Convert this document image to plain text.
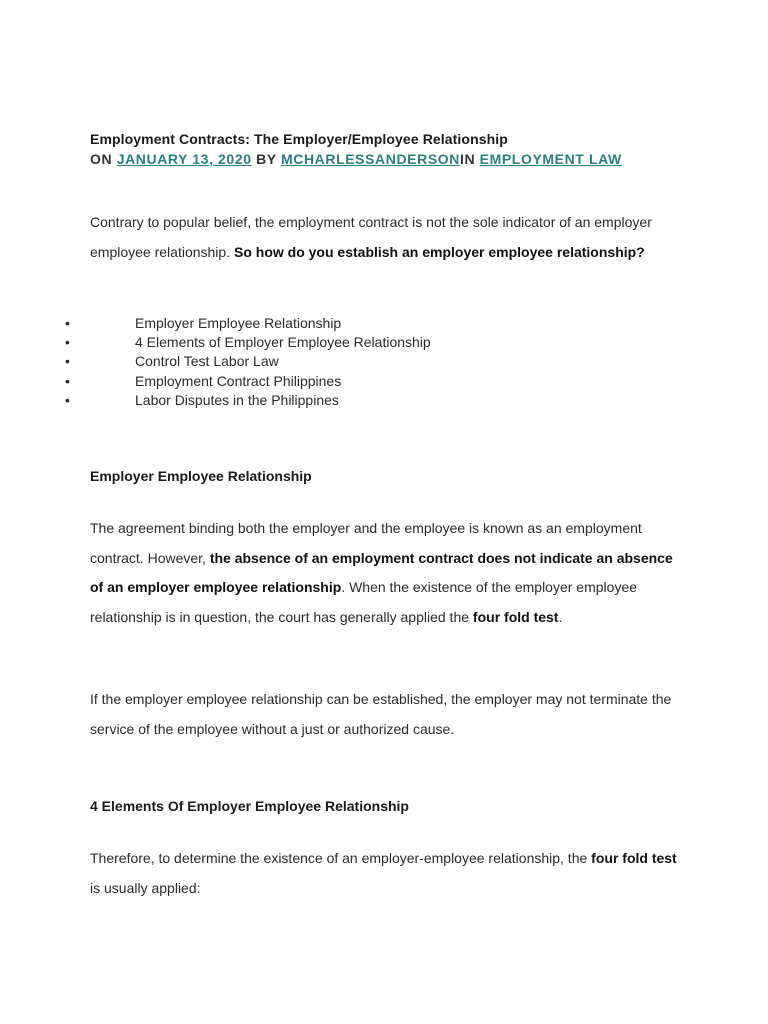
Employment Contracts: The Employer/Employee Relationship
ON JANUARY 13, 2020 BY MCHARLESSANDERSONIN EMPLOYMENT LAW

Contrary to popular belief, the employment contract is not the sole indicator of an employer employee relationship. So how do you establish an employer employee relationship?

•	Employer Employee Relationship
•	4 Elements of Employer Employee Relationship
•	Control Test Labor Law
•	Employment Contract Philippines
•	Labor Disputes in the Philippines
Employer Employee Relationship

The agreement binding both the employer and the employee is known as an employment contract. However, the absence of an employment contract does not indicate an absence of an employer employee relationship. When the existence of the employer employee relationship is in question, the court has generally applied the four fold test.

If the employer employee relationship can be established, the employer may not terminate the service of the employee without a just or authorized cause.

4 Elements Of Employer Employee Relationship

Therefore, to determine the existence of an employer-employee relationship, the four fold test is usually applied:
